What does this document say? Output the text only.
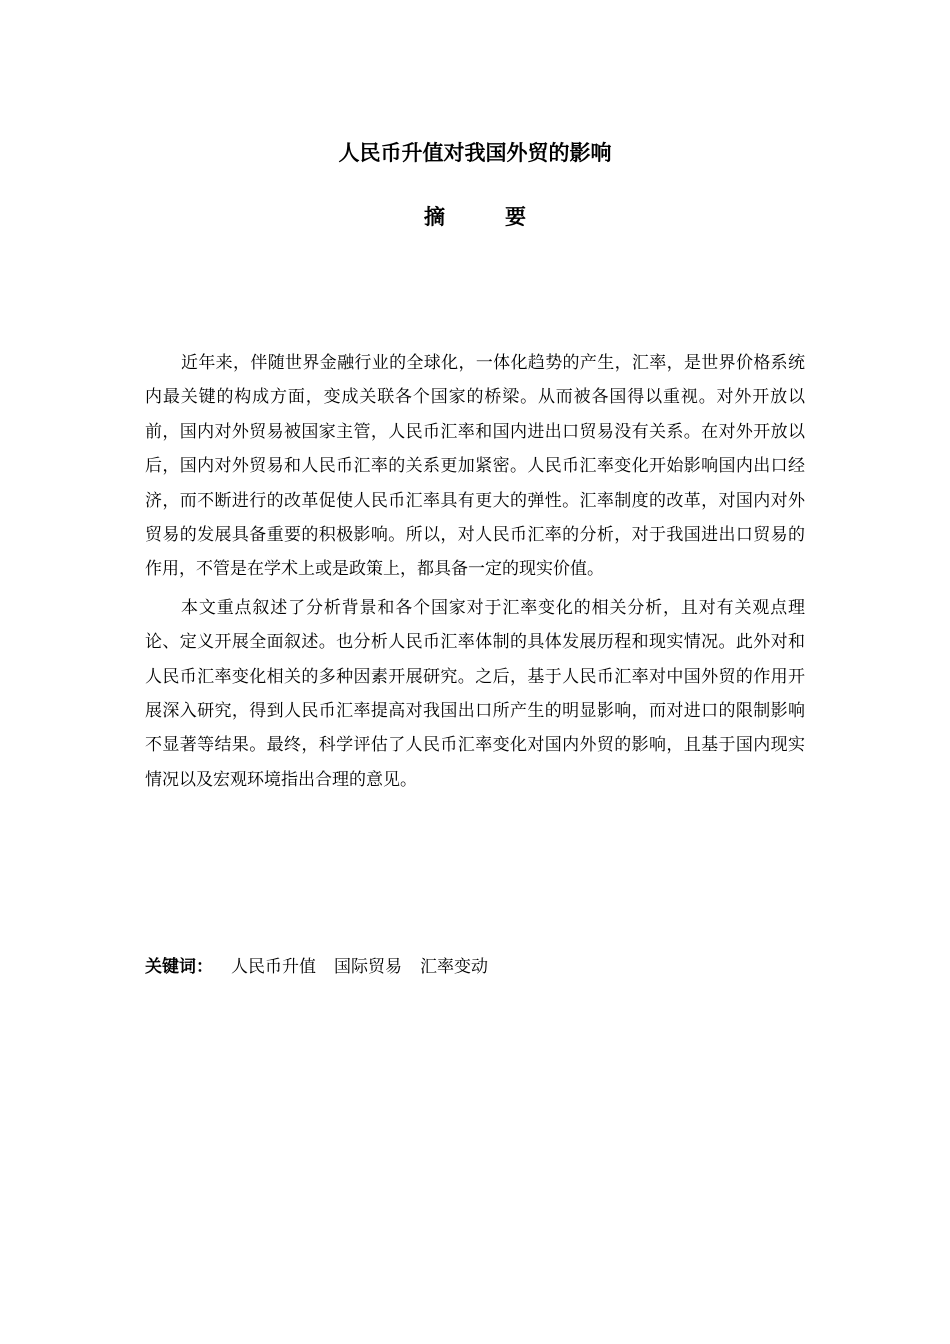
人民币升值对我国外贸的影响
摘要

近年来，伴随世界金融行业的全球化，一体化趋势的产生，汇率，是世界价格系统内最关键的构成方面，变成关联各个国家的桥梁。从而被各国得以重视。对外开放以前，国内对外贸易被国家主管，人民币汇率和国内进出口贸易没有关系。在对外开放以后，国内对外贸易和人民币汇率的关系更加紧密。人民币汇率变化开始影响国内出口经济，而不断进行的改革促使人民币汇率具有更大的弹性。汇率制度的改革，对国内对外贸易的发展具备重要的积极影响。所以，对人民币汇率的分析，对于我国进出口贸易的作用，不管是在学术上或是政策上，都具备一定的现实价值。

本文重点叙述了分析背景和各个国家对于汇率变化的相关分析，且对有关观点理论、定义开展全面叙述。也分析人民币汇率体制的具体发展历程和现实情况。此外对和人民币汇率变化相关的多种因素开展研究。之后，基于人民币汇率对中国外贸的作用开展深入研究，得到人民币汇率提高对我国出口所产生的明显影响，而对进口的限制影响不显著等结果。最终，科学评估了人民币汇率变化对国内外贸的影响，且基于国内现实情况以及宏观环境指出合理的意见。

关键词： 人民币升值 国际贸易 汇率变动
